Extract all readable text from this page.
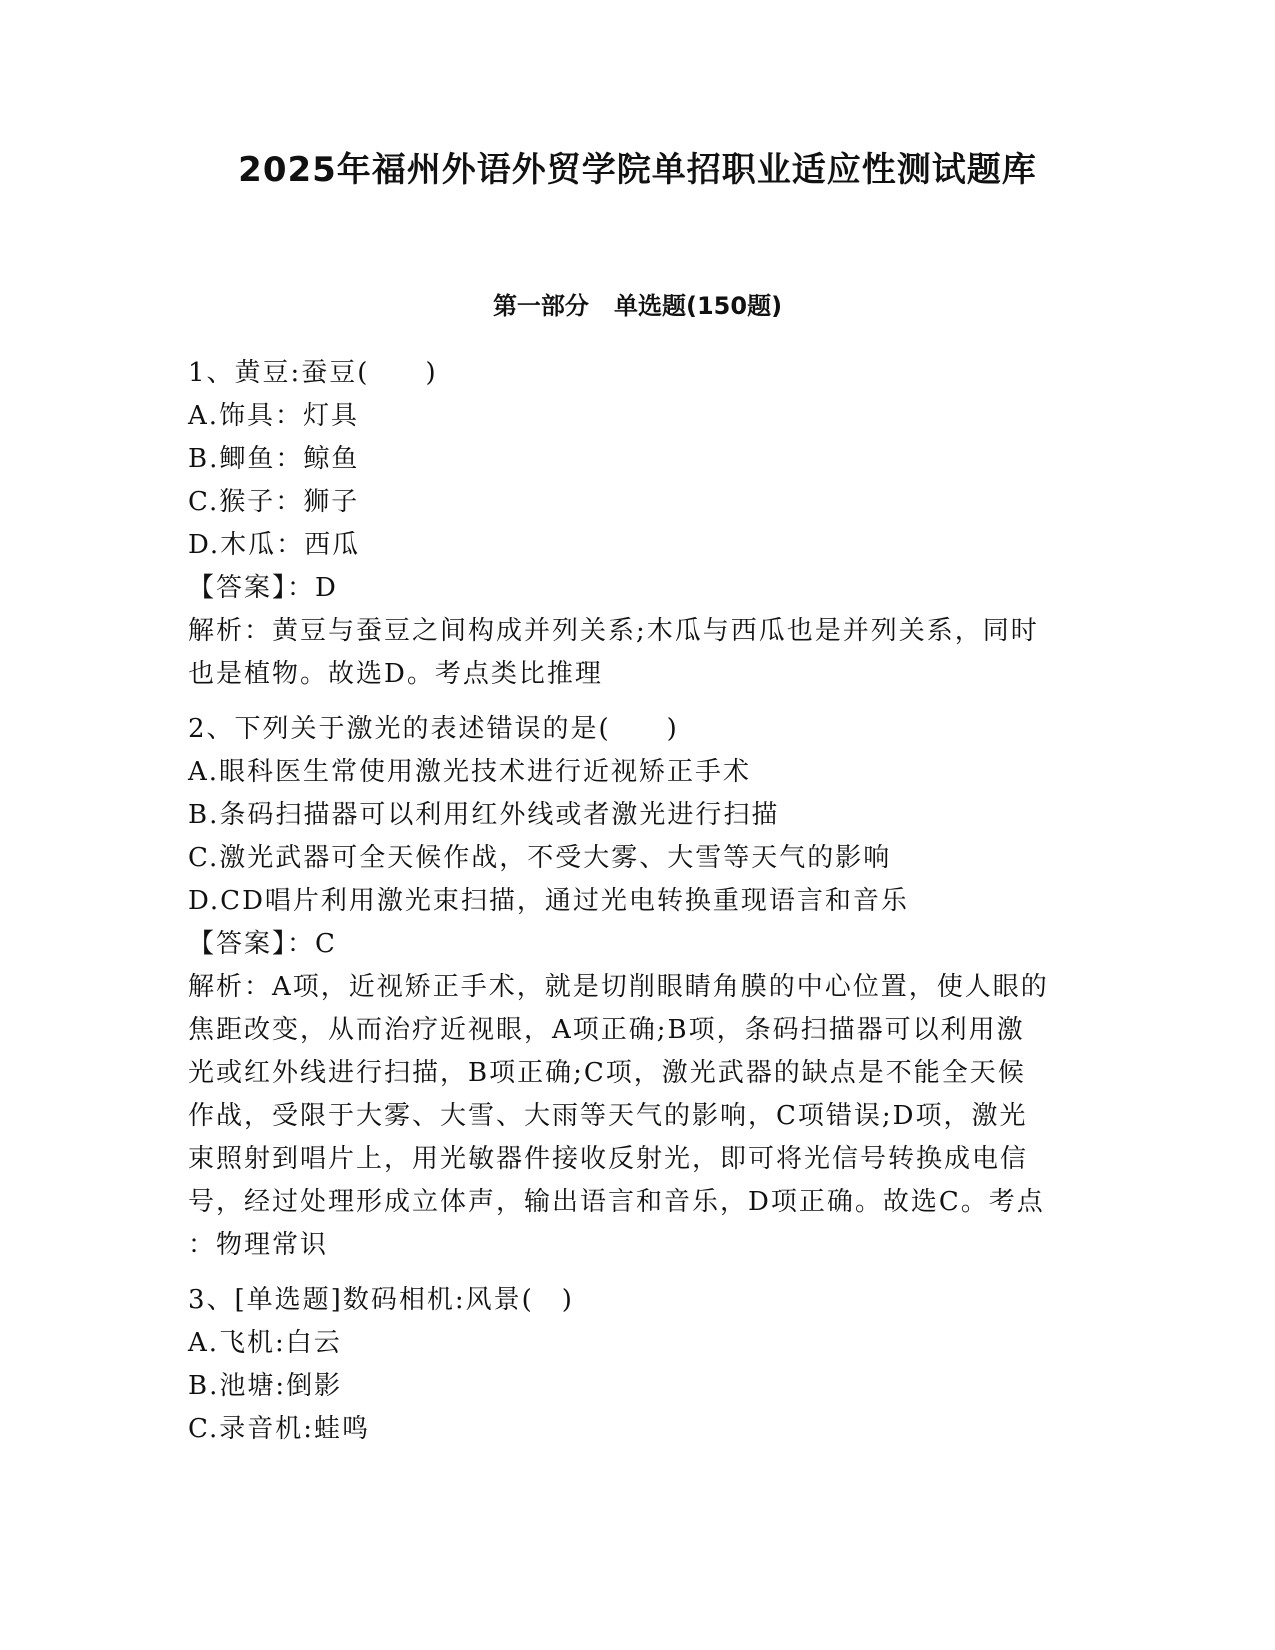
2025年福州外语外贸学院单招职业适应性测试题库
第一部分   单选题(150题)

1、黄豆:蚕豆(　　)

A.饰具：灯具

B.鲫鱼：鲸鱼

C.猴子：狮子

D.木瓜：西瓜

【答案】：D

解析：黄豆与蚕豆之间构成并列关系;木瓜与西瓜也是并列关系，同时

也是植物。故选D。考点类比推理

2、下列关于激光的表述错误的是(　　)

A.眼科医生常使用激光技术进行近视矫正手术

B.条码扫描器可以利用红外线或者激光进行扫描

C.激光武器可全天候作战，不受大雾、大雪等天气的影响

D.CD唱片利用激光束扫描，通过光电转换重现语言和音乐

【答案】：C

解析：A项，近视矫正手术，就是切削眼睛角膜的中心位置，使人眼的

焦距改变，从而治疗近视眼，A项正确;B项，条码扫描器可以利用激

光或红外线进行扫描，B项正确;C项，激光武器的缺点是不能全天候

作战，受限于大雾、大雪、大雨等天气的影响，C项错误;D项，激光

束照射到唱片上，用光敏器件接收反射光，即可将光信号转换成电信

号，经过处理形成立体声，输出语言和音乐，D项正确。故选C。考点

：物理常识

3、[单选题]数码相机:风景(　)

A.飞机:白云

B.池塘:倒影

C.录音机:蛙鸣
